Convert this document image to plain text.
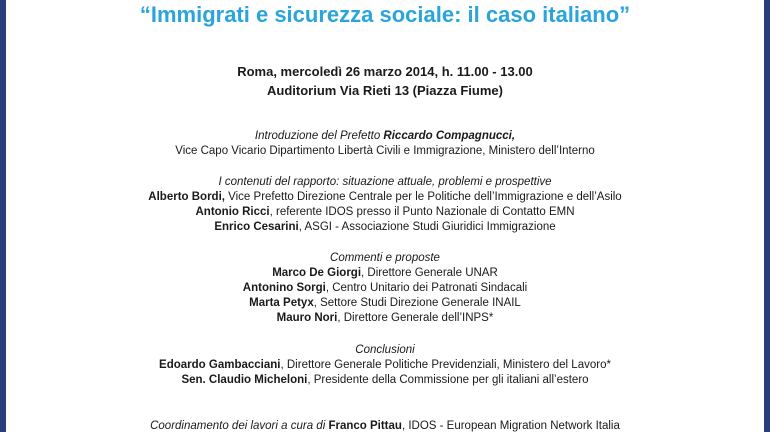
“Immigrati e sicurezza sociale: il caso italiano”
Roma, mercoledì 26 marzo 2014, h. 11.00 - 13.00
Auditorium Via Rieti 13 (Piazza Fiume)
Introduzione del Prefetto Riccardo Compagnucci,
Vice Capo Vicario Dipartimento Libertà Civili e Immigrazione, Ministero dell’Interno
I contenuti del rapporto: situazione attuale, problemi e prospettive
Alberto Bordi, Vice Prefetto Direzione Centrale per le Politiche dell’Immigrazione e dell’Asilo
Antonio Ricci, referente IDOS presso il Punto Nazionale di Contatto EMN
Enrico Cesarini, ASGI - Associazione Studi Giuridici Immigrazione
Commenti e proposte
Marco De Giorgi, Direttore Generale UNAR
Antonino Sorgi, Centro Unitario dei Patronati Sindacali
Marta Petyx, Settore Studi Direzione Generale INAIL
Mauro Nori, Direttore Generale dell’INPS*
Conclusioni
Edoardo Gambacciani, Direttore Generale Politiche Previdenziali, Ministero del Lavoro*
Sen. Claudio Micheloni, Presidente della Commissione per gli italiani all’estero
Coordinamento dei lavori a cura di Franco Pittau, IDOS - European Migration Network Italia
